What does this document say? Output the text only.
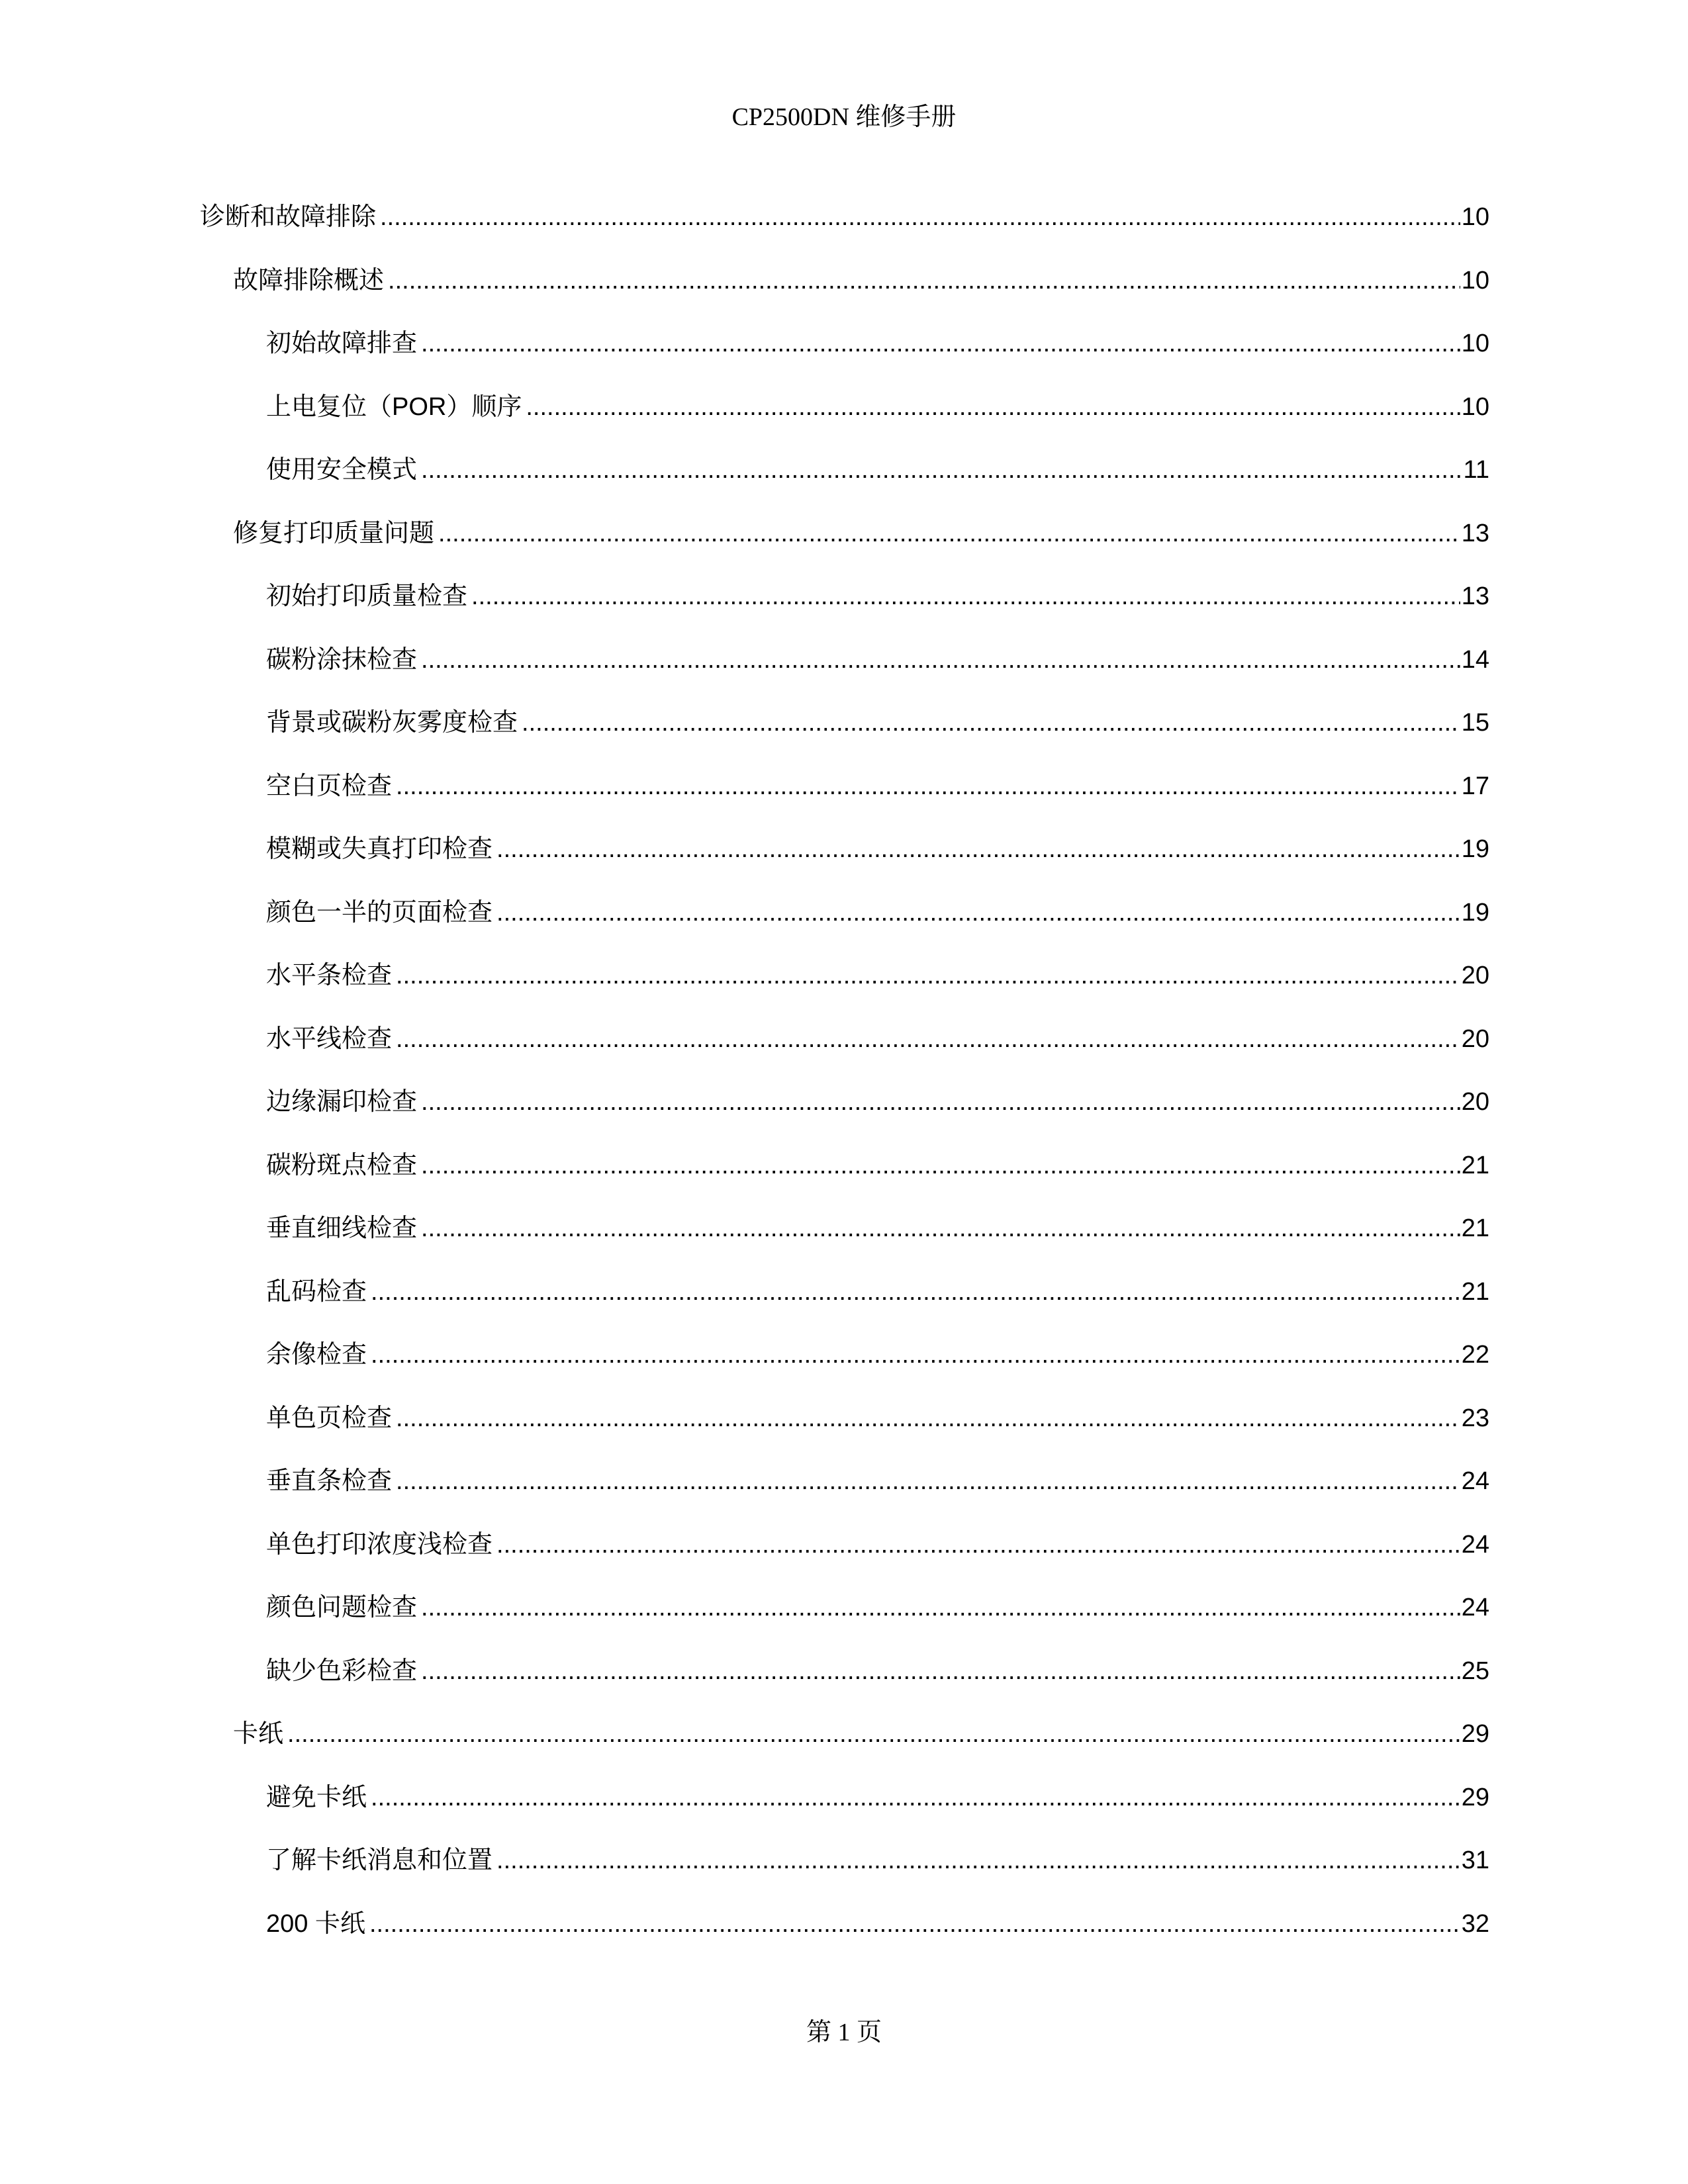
CP2500DN 维修手册
诊断和故障排除 .....	10
故障排除概述 .....	10
初始故障排查 .....	10
上电复位（POR）顺序 .....	10
使用安全模式 .....	11
修复打印质量问题 .....	13
初始打印质量检查 .....	13
碳粉涂抹检查 .....	14
背景或碳粉灰雾度检查 .....	15
空白页检查 .....	17
模糊或失真打印检查 .....	19
颜色一半的页面检查 .....	19
水平条检查 .....	20
水平线检查 .....	20
边缘漏印检查 .....	20
碳粉斑点检查 .....	21
垂直细线检查 .....	21
乱码检查 .....	21
余像检查 .....	22
单色页检查 .....	23
垂直条检查 .....	24
单色打印浓度浅检查 .....	24
颜色问题检查 .....	24
缺少色彩检查 .....	25
卡纸 .....	29
避免卡纸 .....	29
了解卡纸消息和位置 .....	31
200 卡纸 .....	32
第 1 页
